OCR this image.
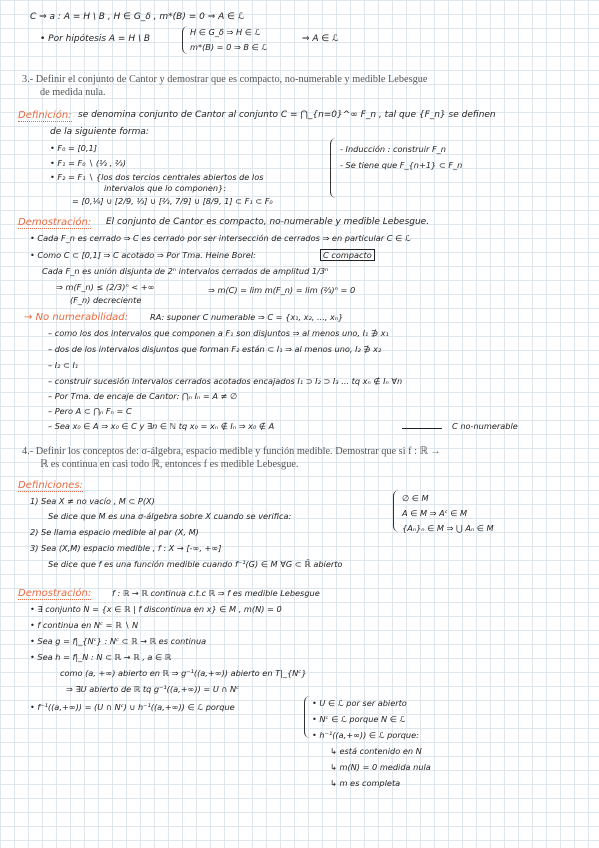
C ⇒ a : A = H \ B , H ∈ G_δ , m*(B) = 0 ⇒ A ∈ ℒ
• Por hipótesis A = H \ B
H ∈ G_δ ⇒ H ∈ ℒ
m*(B) = 0 ⇒ B ∈ ℒ
⇒ A ∈ ℒ
3.- Definir el conjunto de Cantor y demostrar que es compacto, no-numerable y medible Lebesgue
de medida nula.
Definición: se denomina conjunto de Cantor al conjunto C = ⋂_{n=0}^∞ F_n , tal que {F_n} se definen
de la siguiente forma:
• F₀ = [0,1]
• F₁ = F₀ ∖ (⅓ , ⅔)
• F₂ = F₁ ∖ {los dos tercios centrales abiertos de los
intervalos que lo componen}:
= [0,⅑] ∪ [2/9, ⅓] ∪ [⅔, 7/9] ∪ [8/9, 1] ⊂ F₁ ⊂ F₀
- Inducción : construir F_n
- Se tiene que F_{n+1} ⊂ F_n
Demostración: El conjunto de Cantor es compacto, no-numerable y medible Lebesgue.
• Cada F_n es cerrado ⇒ C es cerrado por ser intersección de cerrados ⇒ en particular C ∈ ℒ
• Como C ⊂ [0,1] ⇒ C acotado ⇒ Por Tma. Heine Borel:	C compacto
Cada F_n es unión disjunta de 2ⁿ intervalos cerrados de amplitud 1/3ⁿ
⇒ m(F_n) ≤ (2/3)ⁿ < +∞
(F_n) decreciente
⇒ m(C) = lim m(F_n) = lim (⅔)ⁿ = 0
→ No numerabilidad:	RA: suponer C numerable ⇒ C = {x₁, x₂, ..., xₙ}
– como los dos intervalos que componen a F₁ son disjuntos ⇒ al menos uno, I₁ ∌ x₁
– dos de los intervalos disjuntos que forman F₂ están ⊂ I₁ ⇒ al menos uno, I₂ ∌ x₂
– I₂ ⊂ I₁
– construir sucesión intervalos cerrados acotados encajados I₁ ⊃ I₂ ⊃ I₃ ... tq xₙ ∉ Iₙ ∀n
– Por Tma. de encaje de Cantor: ⋂ₙ Iₙ = A ≠ ∅
– Pero A ⊂ ⋂ₙ Fₙ = C
– Sea x₀ ∈ A ⇒ x₀ ∈ C y ∃n ∈ ℕ tq x₀ = xₙ ∉ Iₙ ⇒ x₀ ∉ A	C no-numerable
4.- Definir los conceptos de: σ-álgebra, espacio medible y función medible. Demostrar que si f : ℝ →
ℝ es continua en casi todo ℝ, entonces f es medible Lebesgue.
Definiciones:
1) Sea X ≠ no vacío , M ⊂ P(X)
Se dice que M es una σ-álgebra sobre X cuando se verifica:
∅ ∈ M
A ∈ M ⇒ Aᶜ ∈ M
{Aₙ}ₙ ∈ M ⇒ ⋃ Aₙ ∈ M
2) Se llama espacio medible al par (X, M)
3) Sea (X,M) espacio medible , f : X → [-∞, +∞]
Se dice que f es una función medible cuando f⁻¹(G) ∈ M ∀G ⊂ ℝ̄ abierto
Demostración:	f : ℝ → ℝ continua c.t.c ℝ ⇒ f es medible Lebesgue
• ∃ conjunto N = {x ∈ ℝ | f discontinua en x} ∈ M , m(N) = 0
• f continua en Nᶜ = ℝ ∖ N
• Sea g = f|_{Nᶜ} : Nᶜ ⊂ ℝ → ℝ es continua
• Sea h = f|_N : N ⊂ ℝ → ℝ , a ∈ ℝ
como (a, +∞) abierto en ℝ ⇒ g⁻¹((a,+∞)) abierto en T|_{Nᶜ}
⇒ ∃U abierto de ℝ tq g⁻¹((a,+∞)) = U ∩ Nᶜ
• f⁻¹((a,+∞)) = (U ∩ Nᶜ) ∪ h⁻¹((a,+∞)) ∈ ℒ porque	• U ∈ ℒ por ser abierto
• Nᶜ ∈ ℒ porque N ∈ ℒ
• h⁻¹((a,+∞)) ∈ ℒ porque:
↳ está contenido en N
↳ m(N) = 0 medida nula
↳ m es completa
